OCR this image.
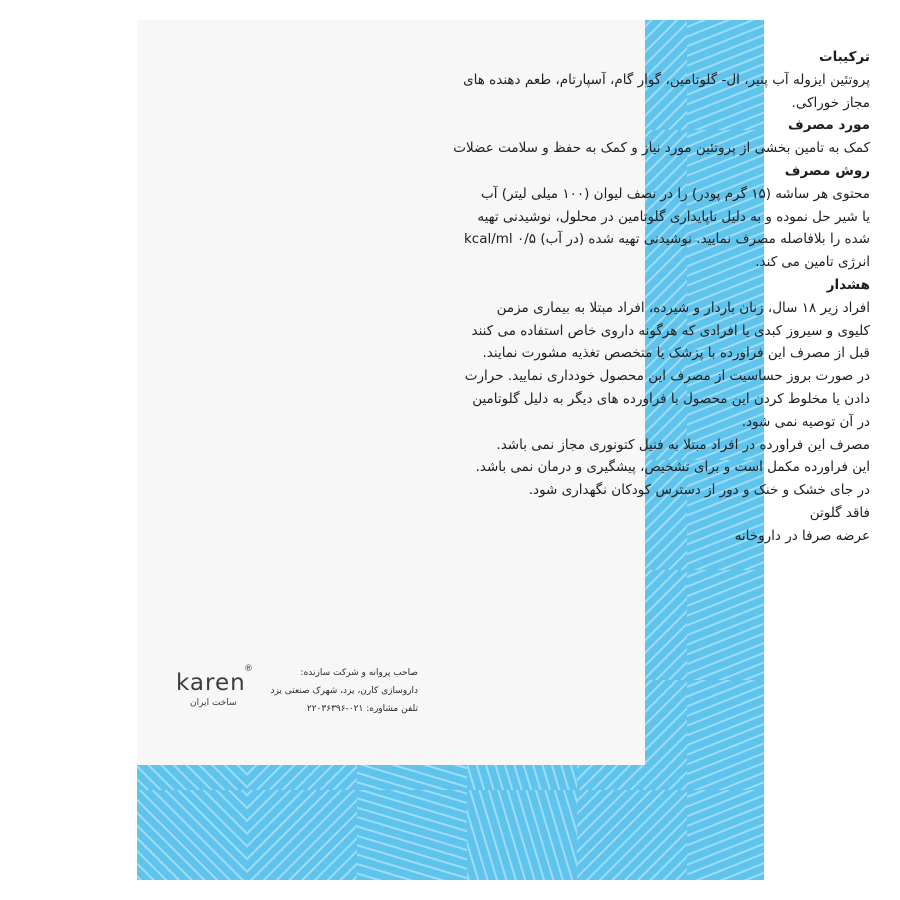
ترکیبات
پروتئین ایزوله آب پنیر، ال- گلوتامین، گوار گام، آسپارتام، طعم دهنده های
مجاز خوراکی.
مورد مصرف
کمک به تامین بخشی از پروتئین مورد نیاز و کمک به حفظ و سلامت عضلات
روش مصرف
محتوی هر ساشه (۱۵ گرم پودر) را در نصف لیوان (۱۰۰ میلی لیتر) آب
یا شیر حل نموده و به دلیل ناپایداری گلوتامین در محلول، نوشیدنی تهیه
شده را بلافاصله مصرف نمایید. نوشیدنی تهیه شده (در آب) ۰/۵ kcal/ml
انرژی تامین می کند.
هشدار
افراد زیر ۱۸ سال، زنان باردار و شیرده، افراد مبتلا به بیماری مزمن
کلیوی و سیروز کبدی یا افرادی که هرگونه داروی خاص استفاده می کنند
قبل از مصرف این فراورده با پزشک یا متخصص تغذیه مشورت نمایند.
در صورت بروز حساسیت از مصرف این محصول خودداری نمایید. حرارت
دادن یا مخلوط کردن این محصول با فراورده های دیگر به دلیل گلوتامین
در آن توصیه نمی شود.
مصرف این فراورده در افراد مبتلا به فنیل کتونوری مجاز نمی باشد.
این فراورده مکمل است و برای تشخیص، پیشگیری و درمان نمی باشد.
در جای خشک و خنک و دور از دسترس کودکان نگهداری شود.
فاقد گلوتن
عرضه صرفا در داروخانه
صاحب پروانه و شرکت سازنده:
داروسازی کارن، یزد، شهرک صنعتی یزد
تلفن مشاوره: ۰۲۱-۲۲۰۳۶۳۹۶
karen
®
ساخت ایران
